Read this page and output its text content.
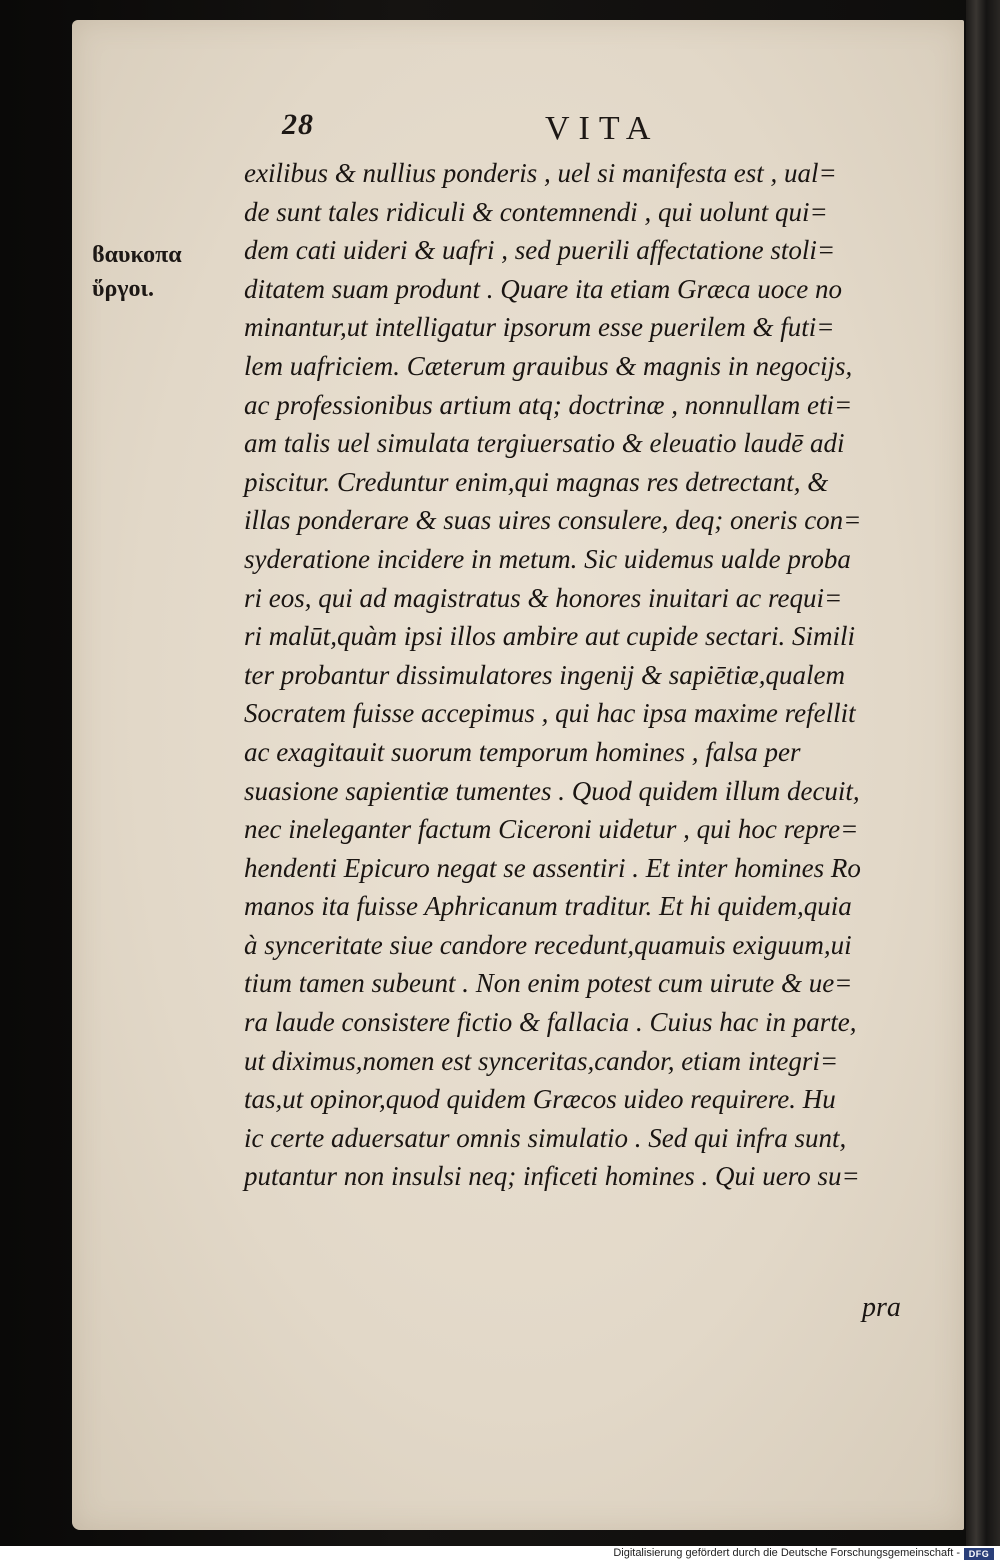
28	VITA
ϐαυκοπα
ὕργοι.
exilibus & nullius ponderis , uel si manifesta est , ual=
de sunt tales ridiculi & contemnendi , qui uolunt qui=
dem cati uideri & uafri , sed puerili affectatione stoli=
ditatem suam produnt . Quare ita etiam Græca uoce no
minantur,ut intelligatur ipsorum esse puerilem & futi=
lem uafriciem. Cæterum grauibus & magnis in negocijs,
ac professionibus artium atq; doctrinæ , nonnullam eti=
am talis uel simulata tergiuersatio & eleuatio laudē adi
piscitur. Creduntur enim,qui magnas res detrectant, &
illas ponderare & suas uires consulere, deq; oneris con=
syderatione incidere in metum. Sic uidemus ualde proba
ri eos, qui ad magistratus & honores inuitari ac requi=
ri malūt,quàm ipsi illos ambire aut cupide sectari. Simili
ter probantur dissimulatores ingenij & sapiētiæ,qualem
Socratem fuisse accepimus , qui hac ipsa maxime refellit
ac exagitauit suorum temporum homines , falsa per
suasione sapientiæ tumentes . Quod quidem illum decuit,
nec ineleganter factum Ciceroni uidetur , qui hoc repre=
hendenti Epicuro negat se assentiri . Et inter homines Ro
manos ita fuisse Aphricanum traditur. Et hi quidem,quia
à synceritate siue candore recedunt,quamuis exiguum,ui
tium tamen subeunt . Non enim potest cum uirute & ue=
ra laude consistere fictio & fallacia . Cuius hac in parte,
ut diximus,nomen est synceritas,candor, etiam integri=
tas,ut opinor,quod quidem Græcos uideo requirere. Hu
ic certe aduersatur omnis simulatio . Sed qui infra sunt,
putantur non insulsi neq; inficeti homines . Qui uero su=
pra
Digitalisierung gefördert durch die Deutsche Forschungsgemeinschaft - DFG
